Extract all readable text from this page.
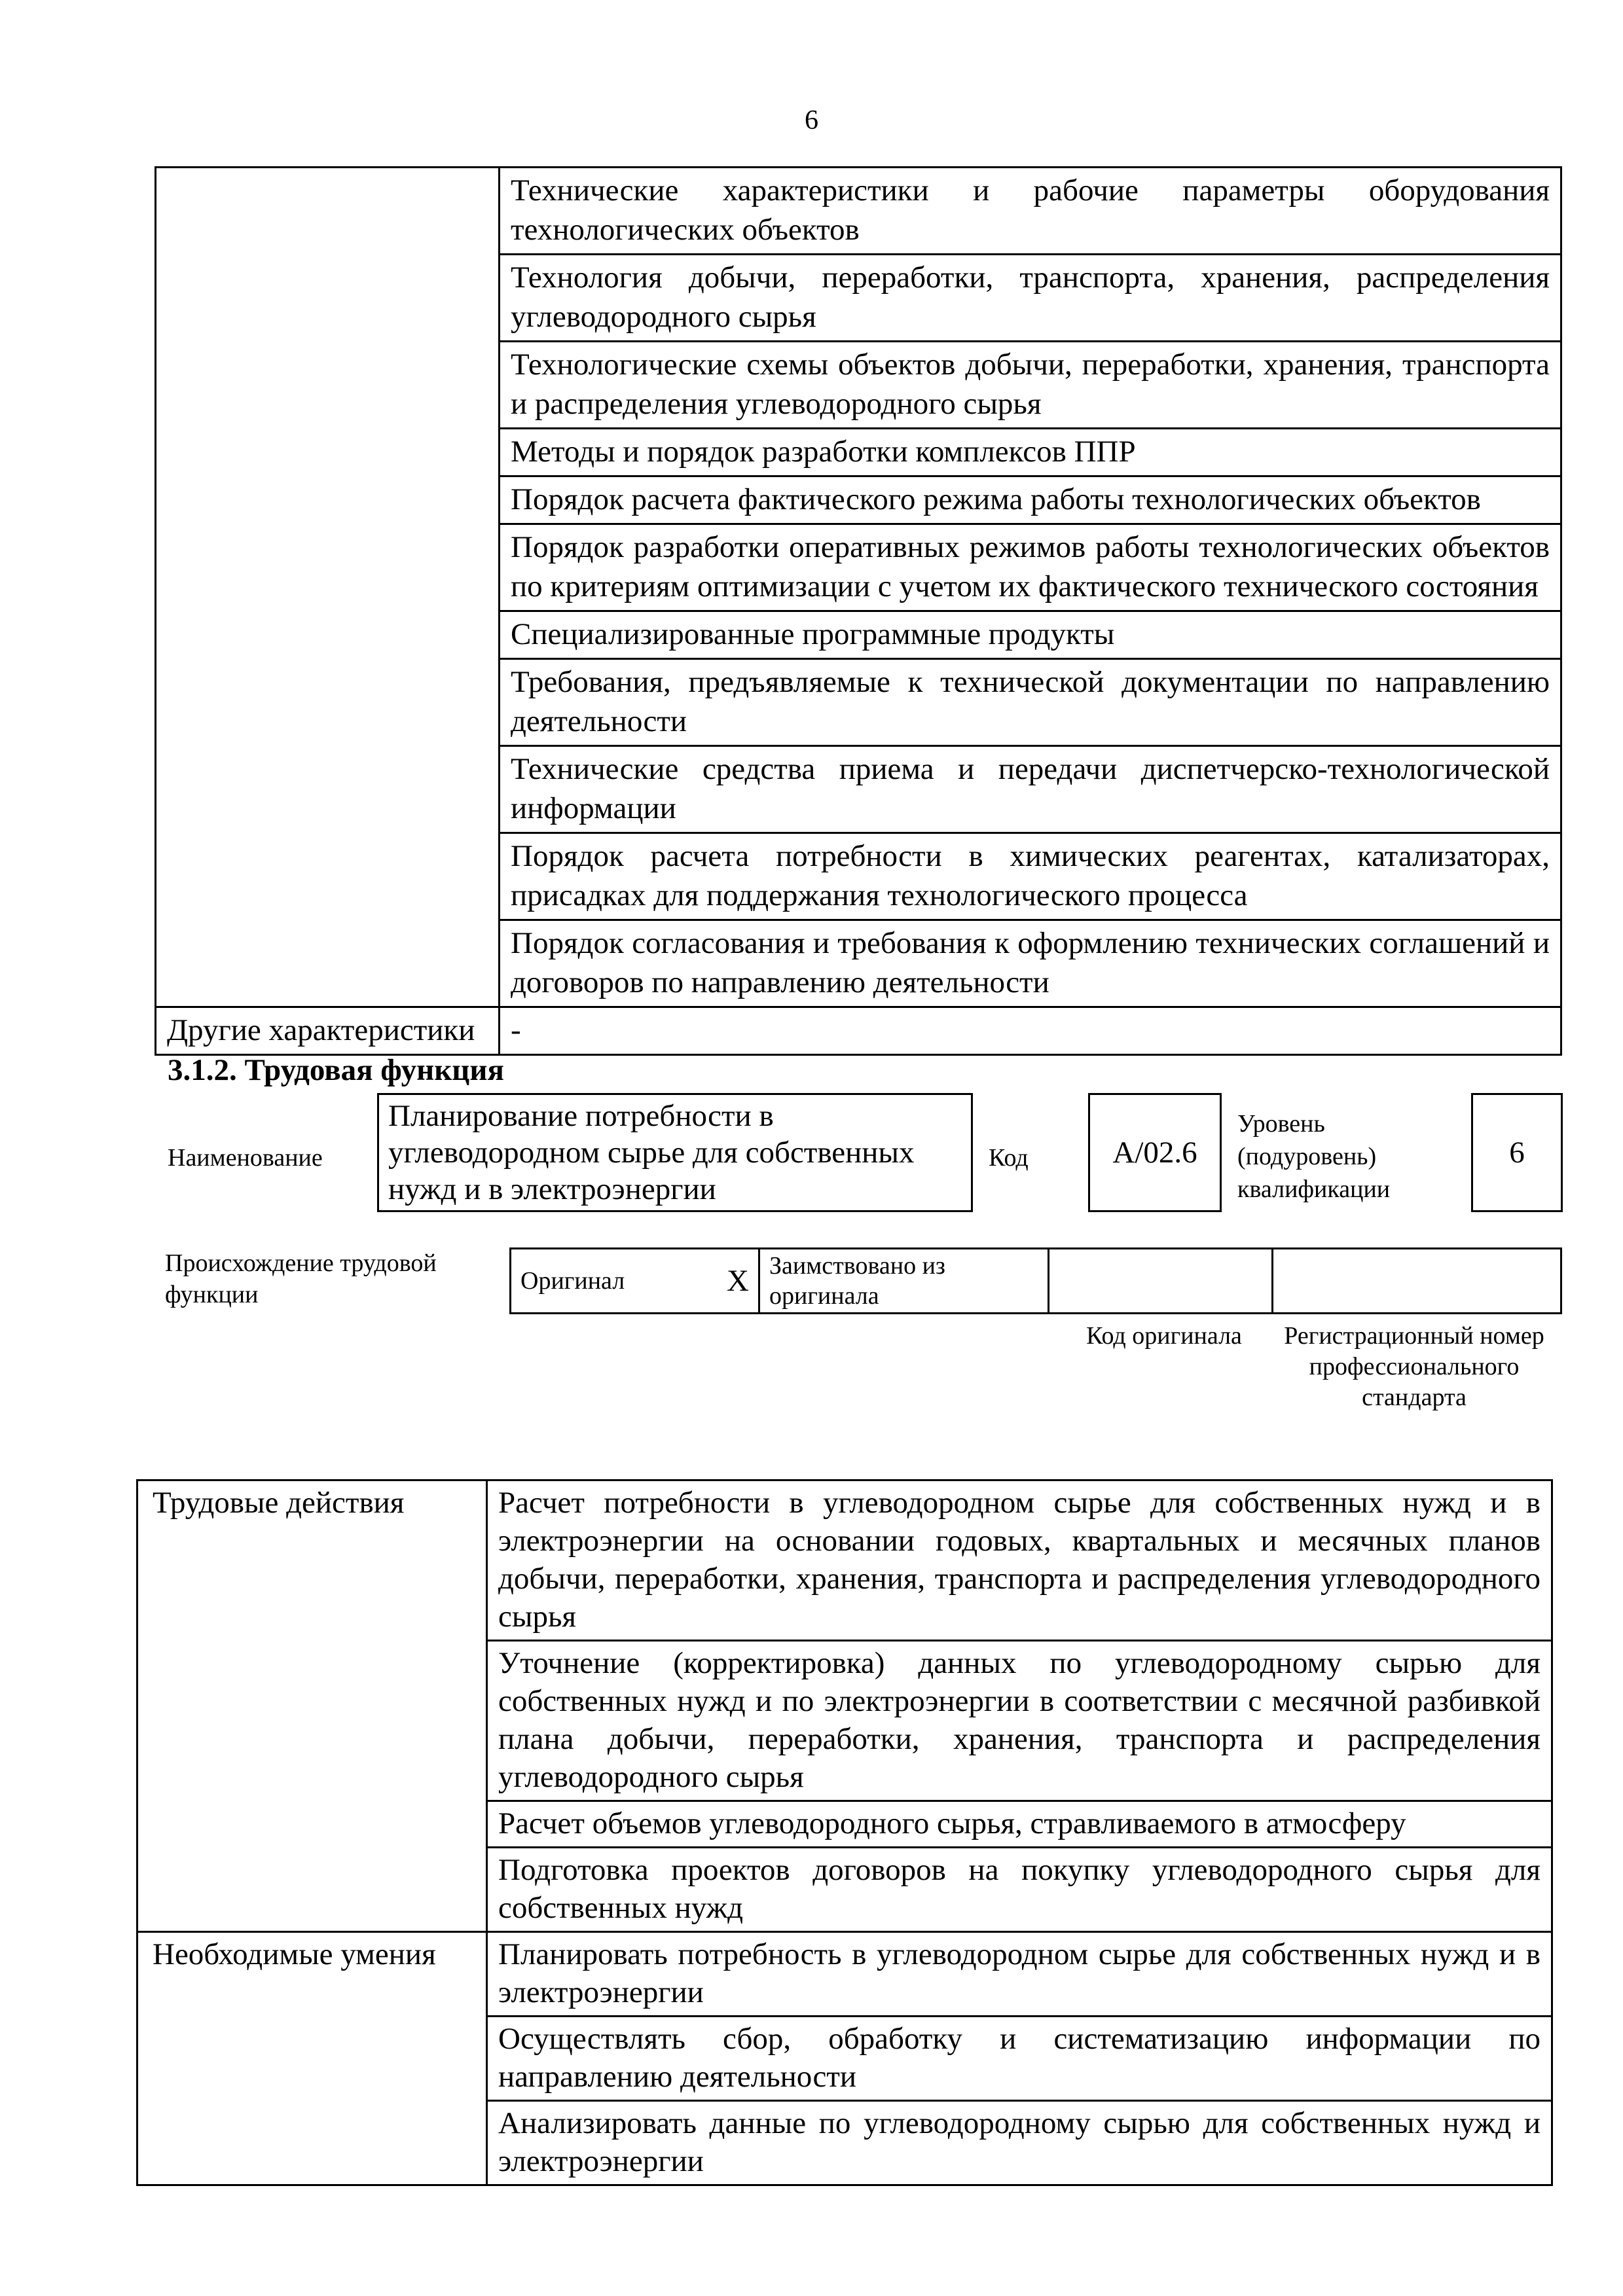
6
	Технические характеристики и рабочие параметры оборудования технологических объектов
	Технология добычи, переработки, транспорта, хранения, распределения углеводородного сырья
	Технологические схемы объектов добычи, переработки, хранения, транспорта и распределения углеводородного сырья
	Методы и порядок разработки комплексов ППР
	Порядок расчета фактического режима работы технологических объектов
	Порядок разработки оперативных режимов работы технологических объектов по критериям оптимизации с учетом их фактического технического состояния
	Специализированные программные продукты
	Требования, предъявляемые к технической документации по направлению деятельности
	Технические средства приема и передачи диспетчерско-технологической информации
	Порядок расчета потребности в химических реагентах, катализаторах, присадках для поддержания технологического процесса
	Порядок согласования и требования к оформлению технических соглашений и договоров по направлению деятельности
Другие характеристики	-
3.1.2. Трудовая функция
Наименование
Планирование потребности в углеводородном сырье для собственных нужд и в электроэнергии
Код	A/02.6
Уровень (подуровень) квалификации
6
Происхождение трудовой функции	Оригинал	X	Заимствовано из оригинала		
Код оригинала	Регистрационный номер профессионального стандарта
Трудовые действия	Расчет потребности в углеводородном сырье для собственных нужд и в электроэнергии на основании годовых, квартальных и месячных планов добычи, переработки, хранения, транспорта и распределения углеводородного сырья
	Уточнение (корректировка) данных по углеводородному сырью для собственных нужд и по электроэнергии в соответствии с месячной разбивкой плана добычи, переработки, хранения, транспорта и распределения углеводородного сырья
	Расчет объемов углеводородного сырья, стравливаемого в атмосферу
	Подготовка проектов договоров на покупку углеводородного сырья для собственных нужд
Необходимые умения	Планировать потребность в углеводородном сырье для собственных нужд и в электроэнергии
	Осуществлять сбор, обработку и систематизацию информации по направлению деятельности
	Анализировать данные по углеводородному сырью для собственных нужд и электроэнергии
